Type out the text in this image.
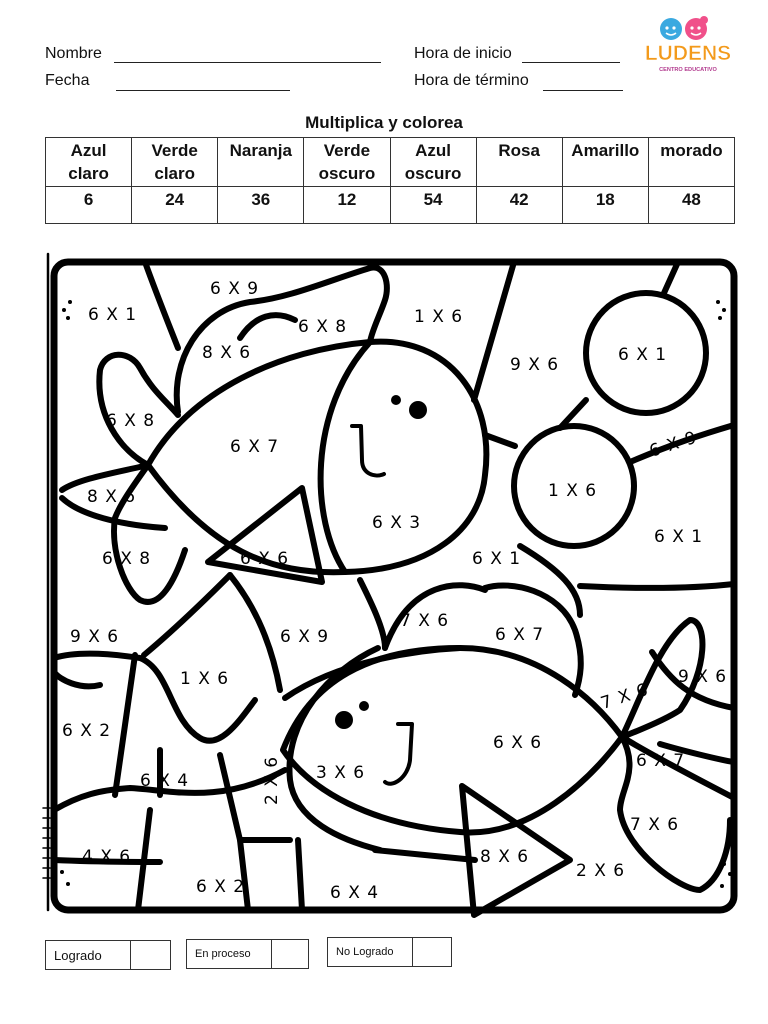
Nombre
Fecha
Hora de inicio
Hora de término
LUDENS
CENTRO EDUCATIVO
Multiplica y colorea
Azul claro	Verde claro	Naranja	Verde oscuro	Azul oscuro	Rosa	Amarillo	morado
6	24	36	12	54	42	18	48
6 X 1
6 X 9
6 X 8	1 X 6
8 X 6
9 X 6	6 X 1
6 X 8
6 X 7	6 X 9
8 X 6	1 X 6
6 X 3
6 X 8	6 X 6	6 X 1
6 X 1
7 X 6
6 X 7
9 X 6	6 X 9
1 X 6	9 X 6
7 X 6
6 X 2
6 X 6
6 X 4	3 X 6
2 X 6	6 X 7
7 X 6
4 X 6	8 X 6
2 X 6
6 X 2	6 X 4
Logrado	En proceso	No Logrado
